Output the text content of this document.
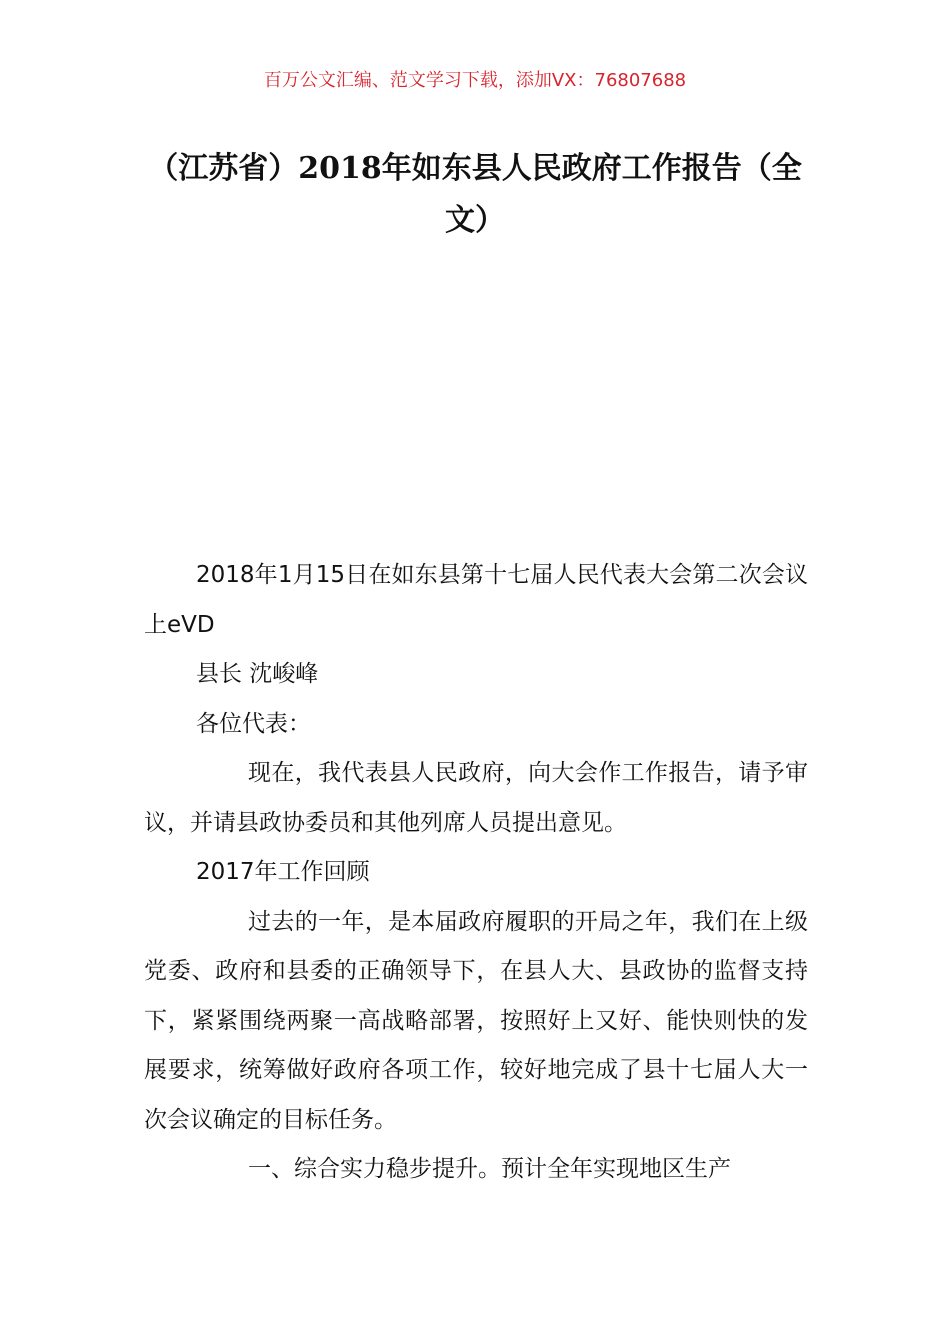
百万公文汇编、范文学习下载，添加VX：76807688
（江苏省）2018年如东县人民政府工作报告（全文）

2018年1月15日在如东县第十七届人民代表大会第二次会议上eVD

县长 沈峻峰

各位代表：

现在，我代表县人民政府，向大会作工作报告，请予审议，并请县政协委员和其他列席人员提出意见。

2017年工作回顾

过去的一年，是本届政府履职的开局之年，我们在上级党委、政府和县委的正确领导下，在县人大、县政协的监督支持下，紧紧围绕两聚一高战略部署，按照好上又好、能快则快的发展要求，统筹做好政府各项工作，较好地完成了县十七届人大一次会议确定的目标任务。

一、综合实力稳步提升。预计全年实现地区生产
